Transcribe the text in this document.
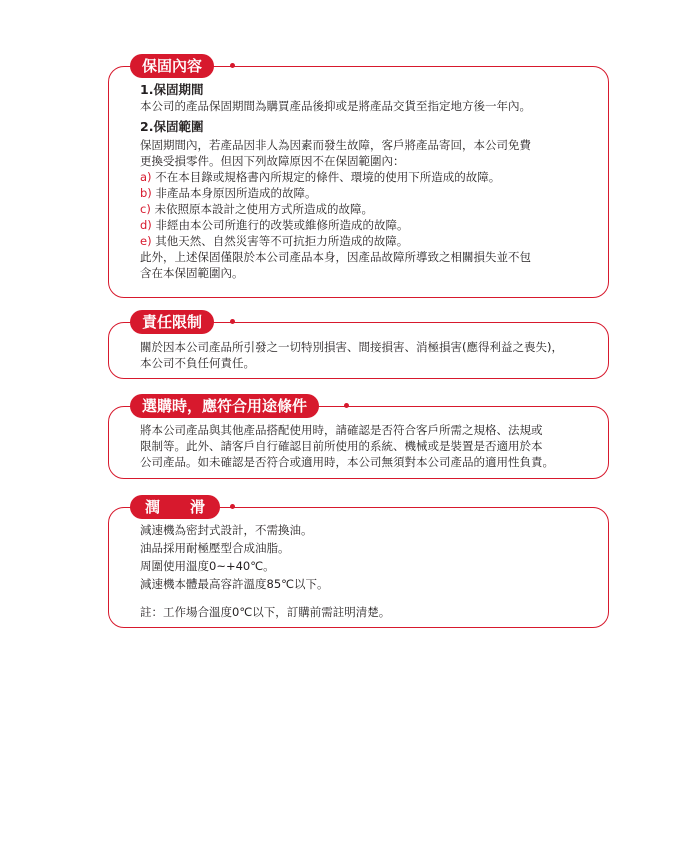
保固內容

1.保固期間

本公司的產品保固期間為購買產品後抑或是將產品交貨至指定地方後一年內。

2.保固範圍

保固期間內，若產品因非人為因素而發生故障，客戶將產品寄回，本公司免費

更換受損零件。但因下列故障原因不在保固範圍內：

a) 不在本目錄或規格書內所規定的條件、環境的使用下所造成的故障。

b) 非產品本身原因所造成的故障。

c) 未依照原本設計之使用方式所造成的故障。

d) 非經由本公司所進行的改裝或維修所造成的故障。

e) 其他天然、自然災害等不可抗拒力所造成的故障。

此外，上述保固僅限於本公司產品本身，因產品故障所導致之相關損失並不包

含在本保固範圍內。

責任限制

關於因本公司產品所引發之一切特別損害、間接損害、消極損害(應得利益之喪失)，

本公司不負任何責任。

選購時，應符合用途條件

將本公司產品與其他產品搭配使用時，請確認是否符合客戶所需之規格、法規或

限制等。此外、請客戶自行確認目前所使用的系統、機械或是裝置是否適用於本

公司產品。如未確認是否符合或適用時，本公司無須對本公司產品的適用性負責。

潤　　滑

減速機為密封式設計，不需換油。

油品採用耐極壓型合成油脂。

周圍使用溫度0~+40℃。

減速機本體最高容許溫度85℃以下。

註：工作場合溫度0℃以下，訂購前需註明清楚。
